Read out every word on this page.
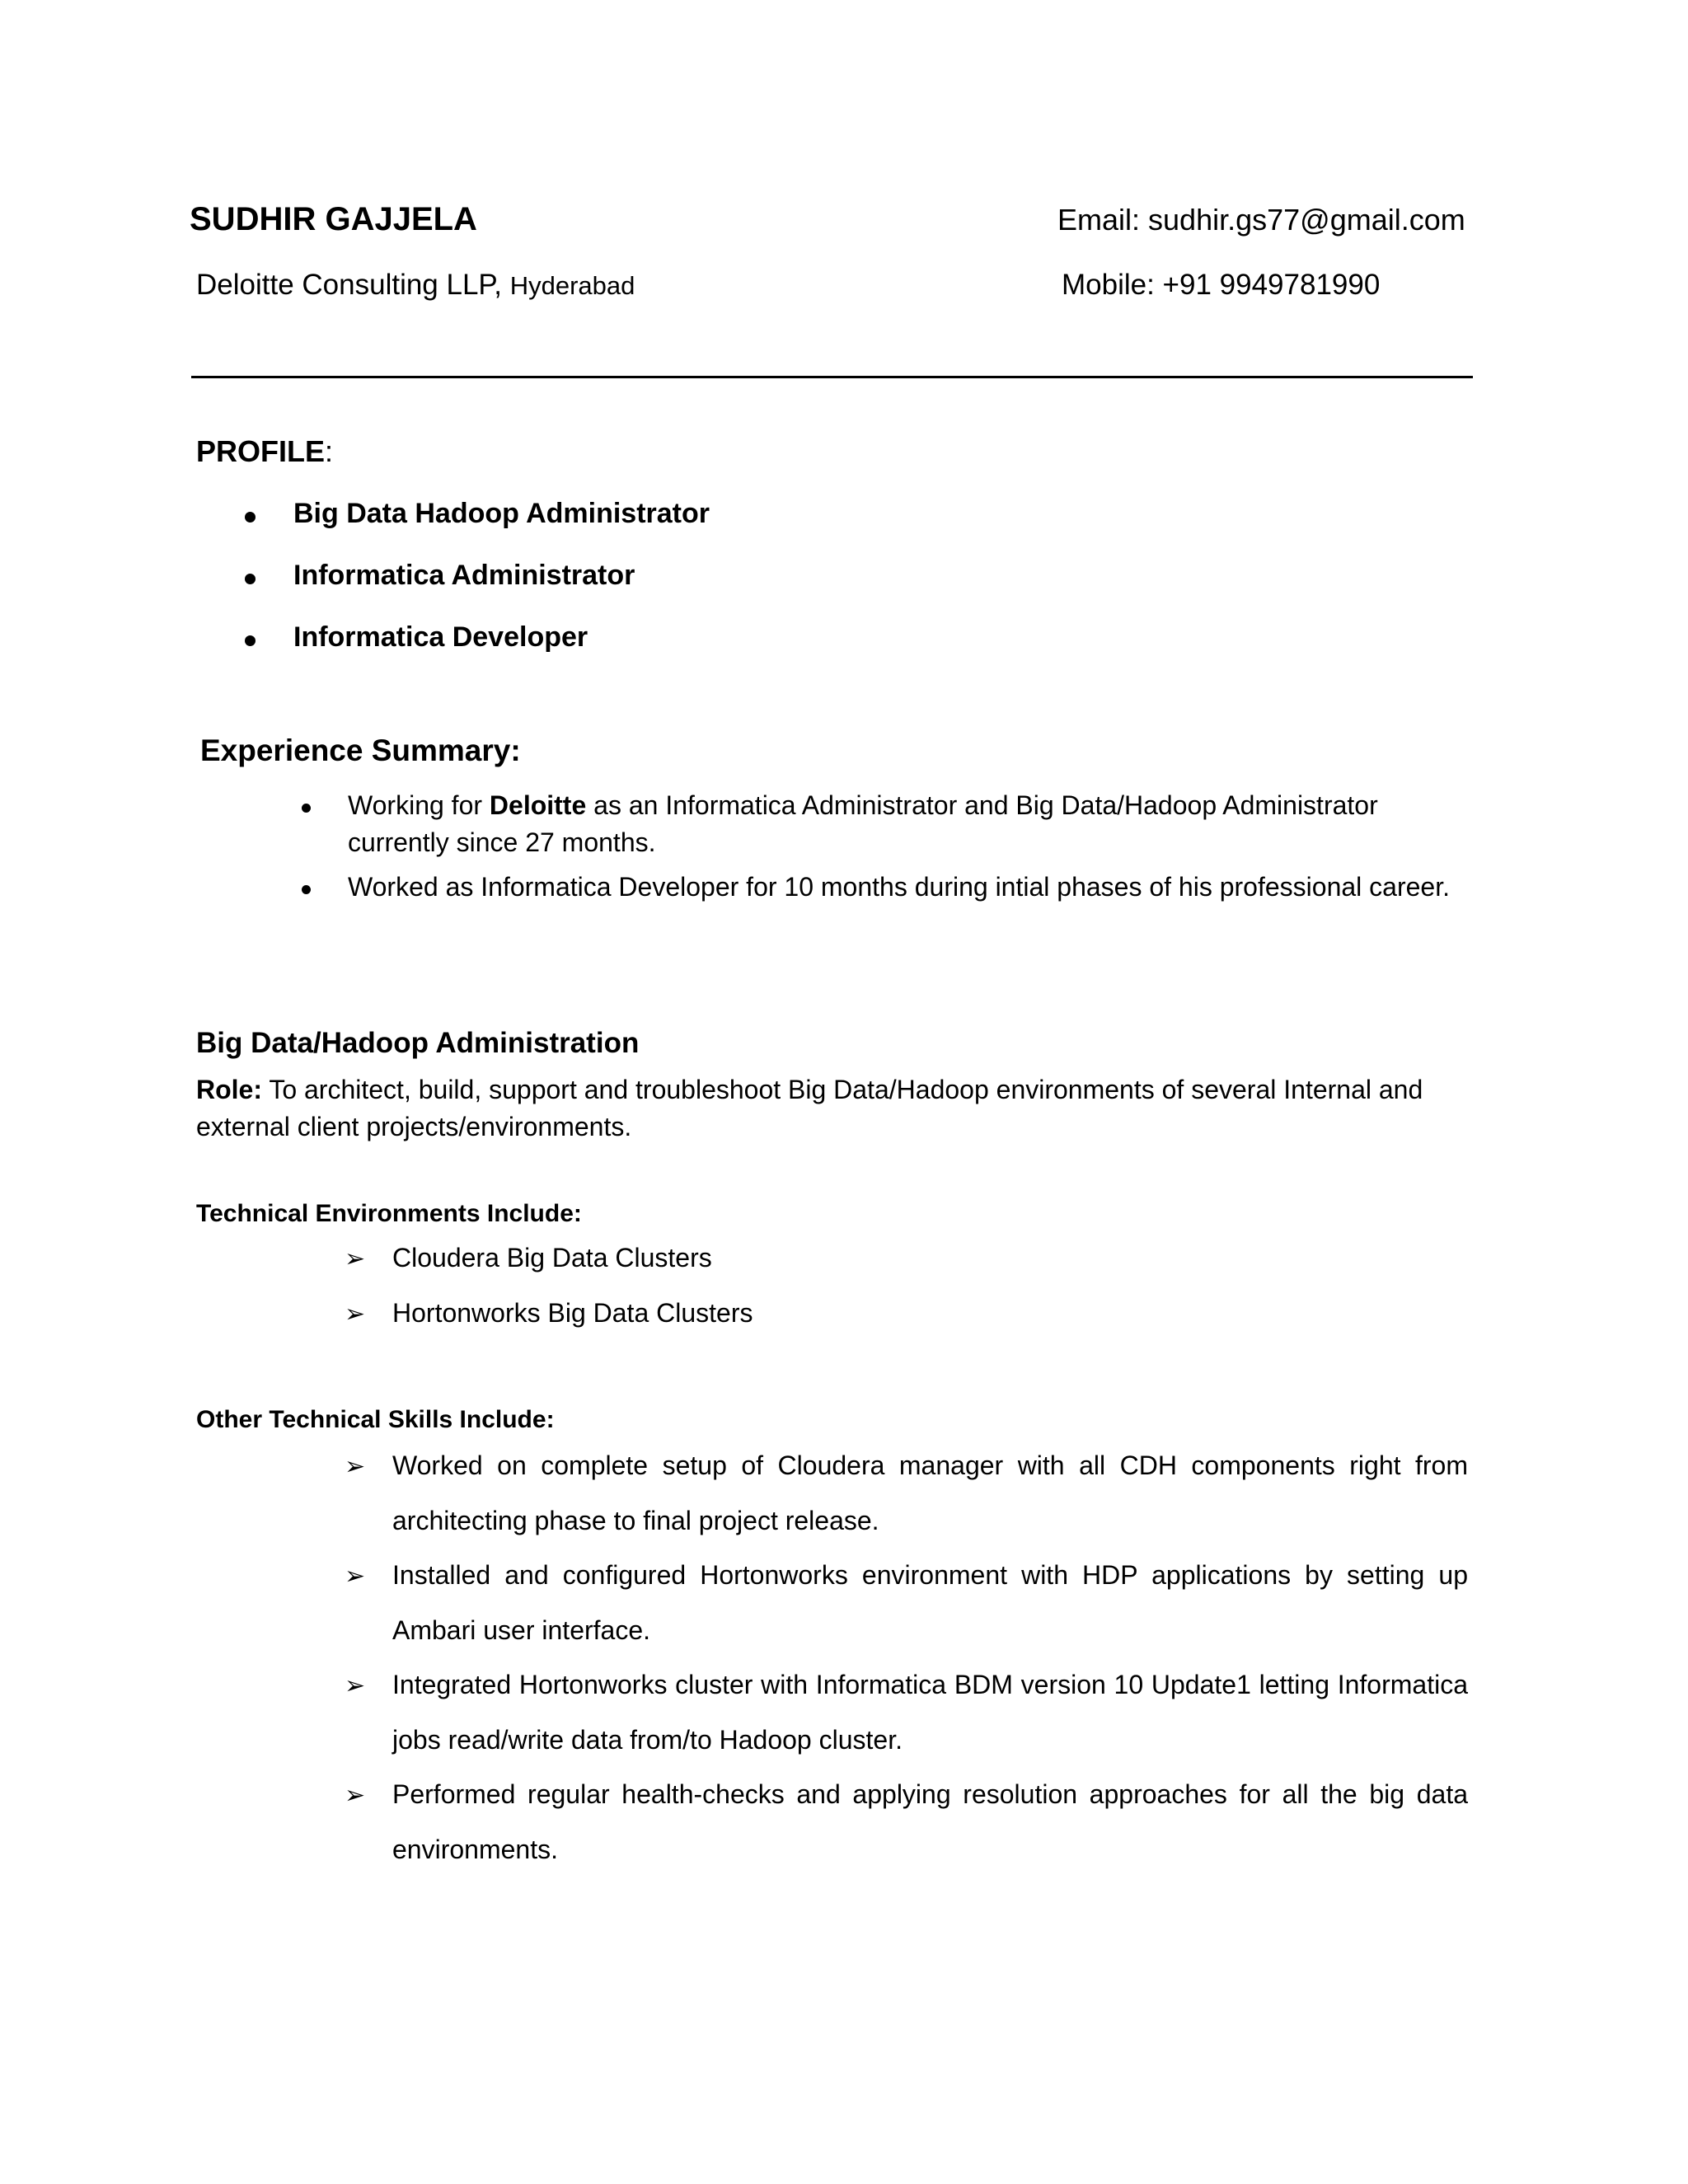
SUDHIR GAJJELA	Email: sudhir.gs77@gmail.com
Deloitte Consulting LLP, Hyderabad	Mobile: +91 9949781990
PROFILE:
Big Data Hadoop Administrator
Informatica Administrator
Informatica Developer
Experience Summary:
Working for Deloitte as an Informatica Administrator and Big Data/Hadoop Administrator currently since 27 months.
Worked as Informatica Developer for 10 months during intial phases of his professional career.
Big Data/Hadoop Administration
Role: To architect, build, support and troubleshoot Big Data/Hadoop environments of several Internal and external client projects/environments.
Technical Environments Include:
➢ Cloudera Big Data Clusters
➢ Hortonworks Big Data Clusters
Other Technical Skills Include:
➢ Worked on complete setup of Cloudera manager with all CDH components right from architecting phase to final project release.
➢ Installed and configured Hortonworks environment with HDP applications by setting up Ambari user interface.
➢ Integrated Hortonworks cluster with Informatica BDM version 10 Update1 letting Informatica jobs read/write data from/to Hadoop cluster.
➢ Performed regular health-checks and applying resolution approaches for all the big data environments.
